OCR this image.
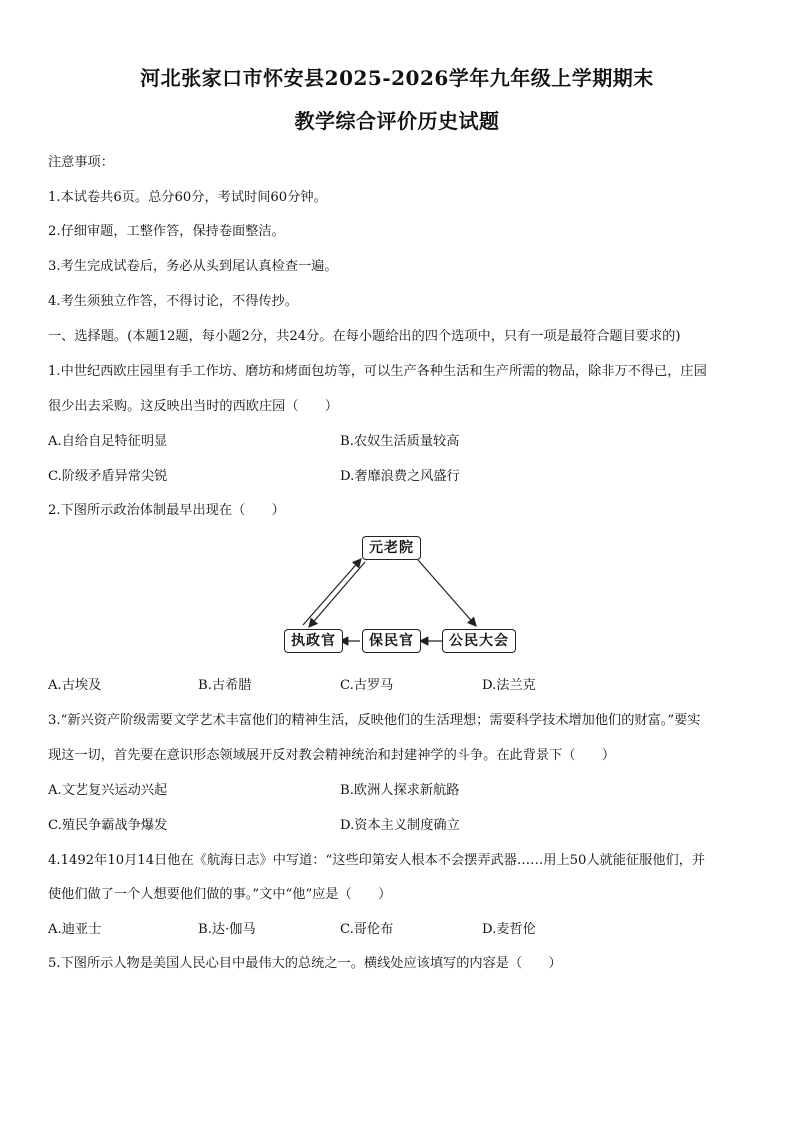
河北张家口市怀安县2025-2026学年九年级上学期期末
教学综合评价历史试题
注意事项：
1.本试卷共6页。总分60分，考试时间60分钟。
2.仔细审题，工整作答，保持卷面整洁。
3.考生完成试卷后，务必从头到尾认真检查一遍。
4.考生须独立作答，不得讨论，不得传抄。
一、选择题。(本题12题，每小题2分，共24分。在每小题给出的四个选项中，只有一项是最符合题目要求的)
1.中世纪西欧庄园里有手工作坊、磨坊和烤面包坊等，可以生产各种生活和生产所需的物品，除非万不得已，庄园
很少出去采购。这反映出当时的西欧庄园（　　）
A.自给自足特征明显	B.农奴生活质量较高
C.阶级矛盾异常尖锐	D.奢靡浪费之风盛行
2.下图所示政治体制最早出现在（　　）
元老院
执政官	保民官	公民大会
A.古埃及	B.古希腊	C.古罗马	D.法兰克
3.“新兴资产阶级需要文学艺术丰富他们的精神生活，反映他们的生活理想；需要科学技术增加他们的财富。”要实
现这一切，首先要在意识形态领域展开反对教会精神统治和封建神学的斗争。在此背景下（　　）
A.文艺复兴运动兴起	B.欧洲人探求新航路
C.殖民争霸战争爆发	D.资本主义制度确立
4.1492年10月14日他在《航海日志》中写道：“这些印第安人根本不会摆弄武器……用上50人就能征服他们，并
使他们做了一个人想要他们做的事。”文中“他”应是（　　）
A.迪亚士	B.达·伽马	C.哥伦布	D.麦哲伦
5.下图所示人物是美国人民心目中最伟大的总统之一。横线处应该填写的内容是（　　）
